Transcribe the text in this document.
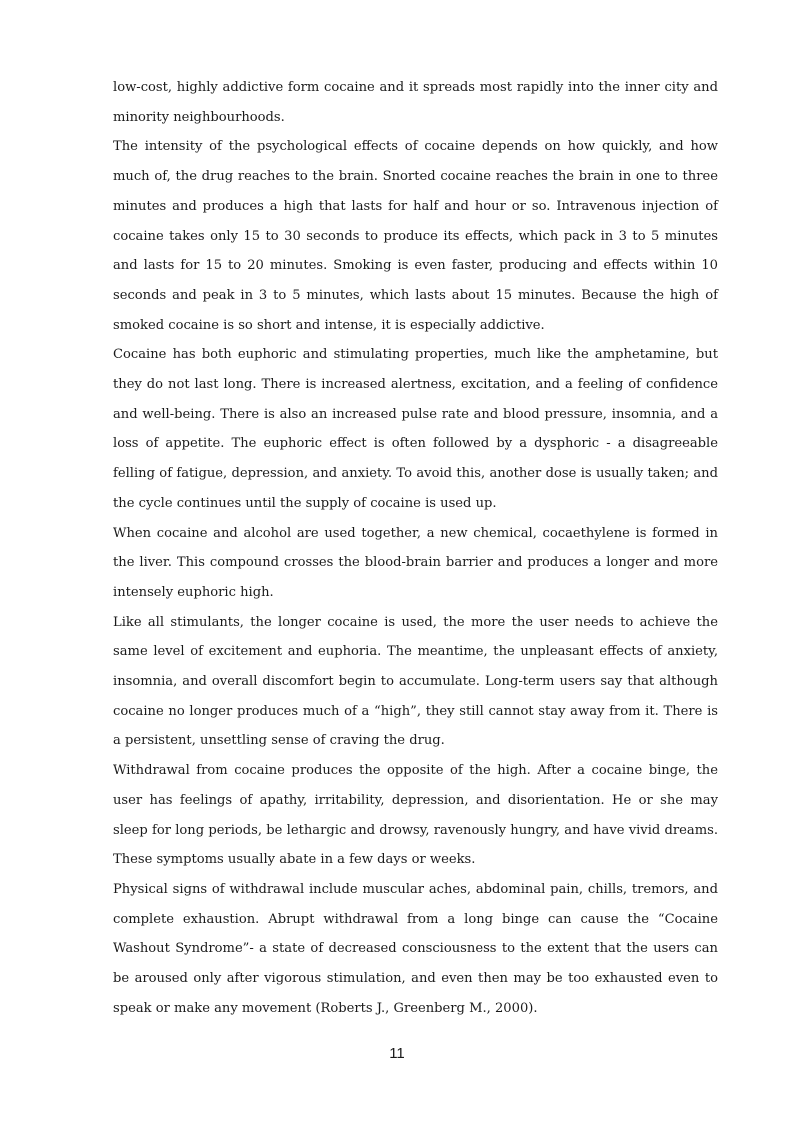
low-cost, highly addictive form cocaine and it spreads most rapidly into the inner city and minority neighbourhoods.

The intensity of the psychological effects of cocaine depends on how quickly, and how much of, the drug reaches to the brain. Snorted cocaine reaches the brain in one to three minutes and produces a high that lasts for half and hour or so. Intravenous injection of cocaine takes only 15 to 30 seconds to produce its effects, which pack in 3 to 5 minutes and lasts for 15 to 20 minutes. Smoking is even faster, producing and effects within 10 seconds and peak in 3 to 5 minutes, which lasts about 15 minutes. Because the high of smoked cocaine is so short and intense, it is especially addictive.

Cocaine has both euphoric and stimulating properties, much like the amphetamine, but they do not last long. There is increased alertness, excitation, and a feeling of confidence and well-being. There is also an increased pulse rate and blood pressure, insomnia, and a loss of appetite. The euphoric effect is often followed by a dysphoric - a disagreeable felling of fatigue, depression, and anxiety. To avoid this, another dose is usually taken; and the cycle continues until the supply of cocaine is used up.

When cocaine and alcohol are used together, a new chemical, cocaethylene is formed in the liver. This compound crosses the blood-brain barrier and produces a longer and more intensely euphoric high.

Like all stimulants, the longer cocaine is used, the more the user needs to achieve the same level of excitement and euphoria. The meantime, the unpleasant effects of anxiety, insomnia, and overall discomfort begin to accumulate. Long-term users say that although cocaine no longer produces much of a “high”, they still cannot stay away from it. There is a persistent, unsettling sense of craving the drug.

Withdrawal from cocaine produces the opposite of the high. After a cocaine binge, the user has feelings of apathy, irritability, depression, and disorientation. He or she may sleep for long periods, be lethargic and drowsy, ravenously hungry, and have vivid dreams. These symptoms usually abate in a few days or weeks.

Physical signs of withdrawal include muscular aches, abdominal pain, chills, tremors, and complete exhaustion. Abrupt withdrawal from a long binge can cause the “Cocaine Washout Syndrome”- a state of decreased consciousness to the extent that the users can be aroused only after vigorous stimulation, and even then may be too exhausted even to speak or make any movement (Roberts J., Greenberg M., 2000).

11
